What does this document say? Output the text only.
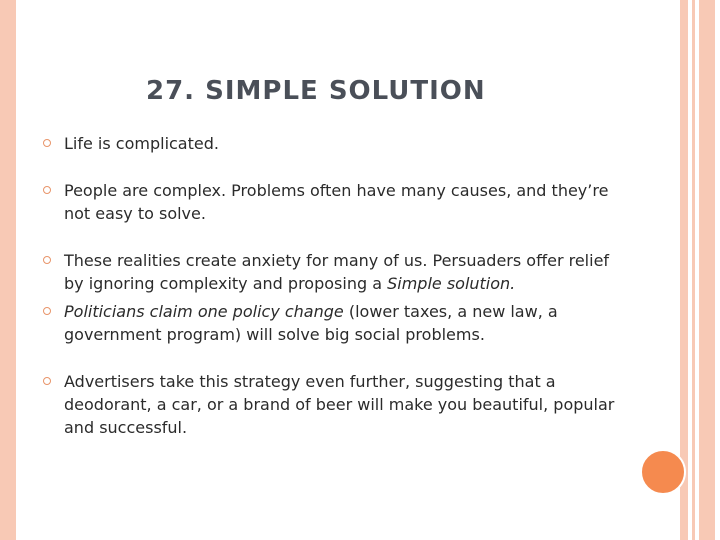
27. SIMPLE SOLUTION
Life is complicated.
People are complex. Problems often have many causes, and they’re not easy to solve.
These realities create anxiety for many of us. Persuaders offer relief by ignoring complexity and proposing a Simple solution.
Politicians claim one policy change (lower taxes, a new law, a government program) will solve big social problems.
Advertisers take this strategy even further, suggesting that a deodorant, a car, or a brand of beer will make you beautiful, popular and successful.
